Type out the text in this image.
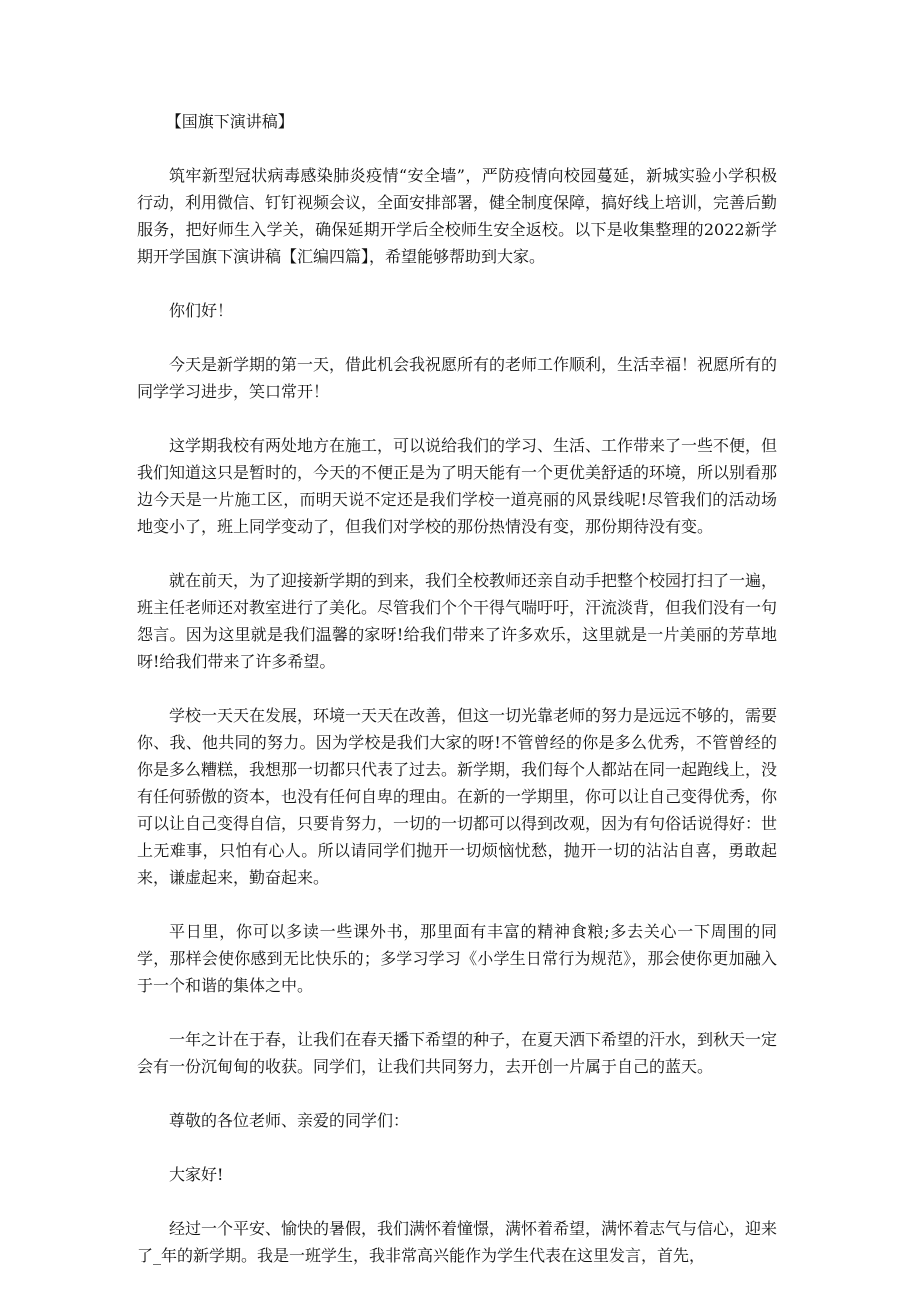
【国旗下演讲稿】

筑牢新型冠状病毒感染肺炎疫情“安全墙”，严防疫情向校园蔓延，新城实验小学积极行动，利用微信、钉钉视频会议，全面安排部署，健全制度保障，搞好线上培训，完善后勤服务，把好师生入学关，确保延期开学后全校师生安全返校。以下是收集整理的2022新学期开学国旗下演讲稿【汇编四篇】，希望能够帮助到大家。

你们好！

今天是新学期的第一天，借此机会我祝愿所有的老师工作顺利，生活幸福！祝愿所有的同学学习进步，笑口常开！

这学期我校有两处地方在施工，可以说给我们的学习、生活、工作带来了一些不便，但我们知道这只是暂时的，今天的不便正是为了明天能有一个更优美舒适的环境，所以别看那边今天是一片施工区，而明天说不定还是我们学校一道亮丽的风景线呢!尽管我们的活动场地变小了，班上同学变动了，但我们对学校的那份热情没有变，那份期待没有变。

就在前天，为了迎接新学期的到来，我们全校教师还亲自动手把整个校园打扫了一遍，班主任老师还对教室进行了美化。尽管我们个个干得气喘吁吁，汗流淡背，但我们没有一句怨言。因为这里就是我们温馨的家呀!给我们带来了许多欢乐，这里就是一片美丽的芳草地呀!给我们带来了许多希望。

学校一天天在发展，环境一天天在改善，但这一切光靠老师的努力是远远不够的，需要你、我、他共同的努力。因为学校是我们大家的呀!不管曾经的你是多么优秀，不管曾经的你是多么糟糕，我想那一切都只代表了过去。新学期，我们每个人都站在同一起跑线上，没有任何骄傲的资本，也没有任何自卑的理由。在新的一学期里，你可以让自己变得优秀，你可以让自己变得自信，只要肯努力，一切的一切都可以得到改观，因为有句俗话说得好：世上无难事，只怕有心人。所以请同学们抛开一切烦恼忧愁，抛开一切的沾沾自喜，勇敢起来，谦虚起来，勤奋起来。

平日里，你可以多读一些课外书，那里面有丰富的精神食粮;多去关心一下周围的同学，那样会使你感到无比快乐的；多学习学习《小学生日常行为规范》，那会使你更加融入于一个和谐的集体之中。

一年之计在于春，让我们在春天播下希望的种子，在夏天洒下希望的汗水，到秋天一定会有一份沉甸甸的收获。同学们，让我们共同努力，去开创一片属于自己的蓝天。

尊敬的各位老师、亲爱的同学们：

大家好!

经过一个平安、愉快的暑假，我们满怀着憧憬，满怀着希望，满怀着志气与信心，迎来了_年的新学期。我是一班学生，我非常高兴能作为学生代表在这里发言，首先，
